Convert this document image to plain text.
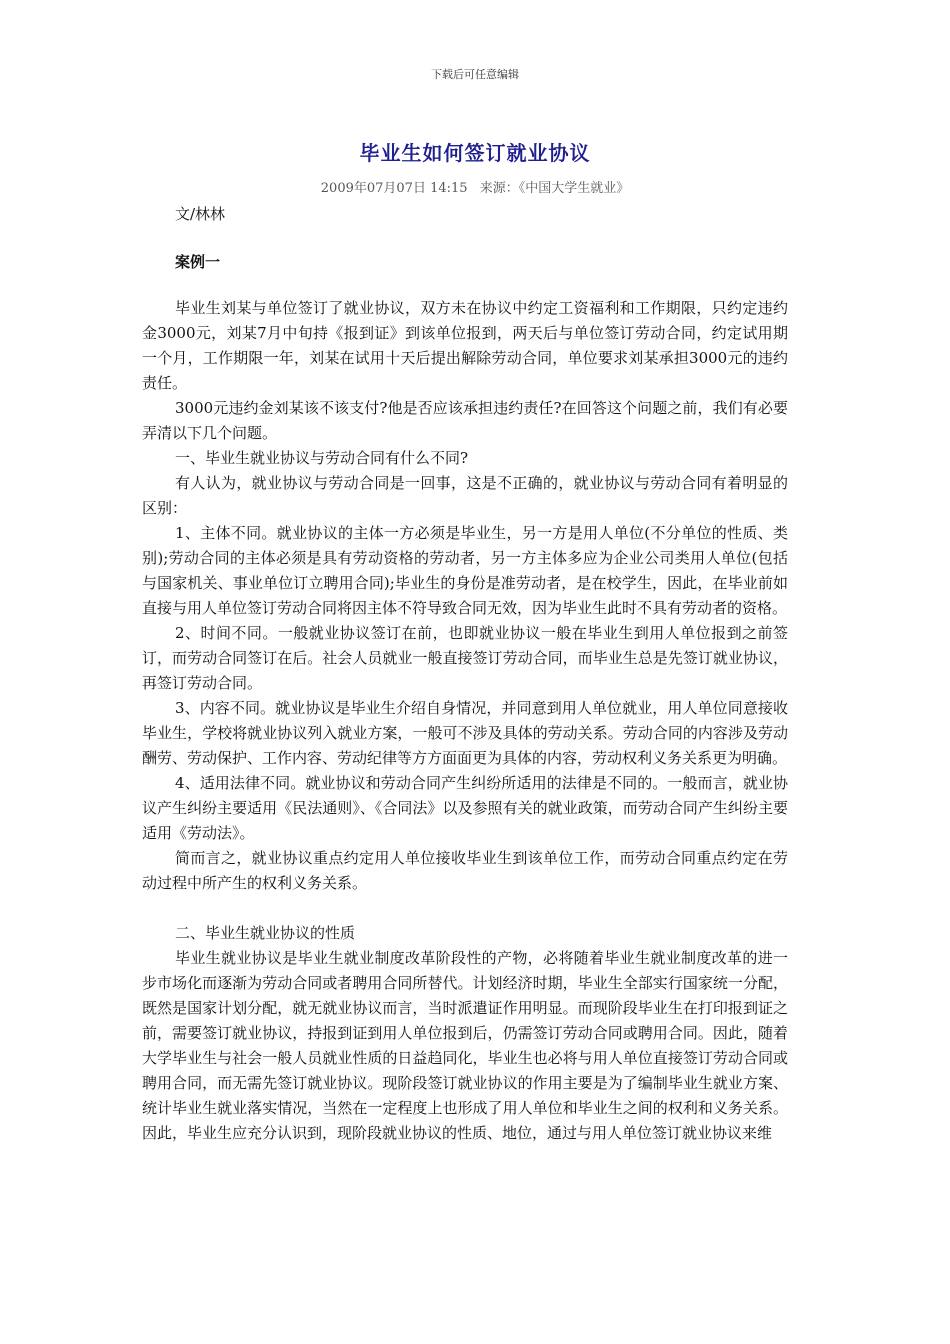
下载后可任意编辑
毕业生如何签订就业协议
2009年07月07日 14:15 来源：《中国大学生就业》
文/林林
案例一

毕业生刘某与单位签订了就业协议，双方未在协议中约定工资福利和工作期限，只约定违约金3000元，刘某7月中旬持《报到证》到该单位报到，两天后与单位签订劳动合同，约定试用期一个月，工作期限一年，刘某在试用十天后提出解除劳动合同，单位要求刘某承担3000元的违约责任。

3000元违约金刘某该不该支付?他是否应该承担违约责任?在回答这个问题之前，我们有必要弄清以下几个问题。

一、毕业生就业协议与劳动合同有什么不同?

有人认为，就业协议与劳动合同是一回事，这是不正确的，就业协议与劳动合同有着明显的区别：

1、主体不同。就业协议的主体一方必须是毕业生，另一方是用人单位(不分单位的性质、类别);劳动合同的主体必须是具有劳动资格的劳动者，另一方主体多应为企业公司类用人单位(包括与国家机关、事业单位订立聘用合同);毕业生的身份是准劳动者，是在校学生，因此，在毕业前如直接与用人单位签订劳动合同将因主体不符导致合同无效，因为毕业生此时不具有劳动者的资格。

2、时间不同。一般就业协议签订在前，也即就业协议一般在毕业生到用人单位报到之前签订，而劳动合同签订在后。社会人员就业一般直接签订劳动合同，而毕业生总是先签订就业协议，再签订劳动合同。

3、内容不同。就业协议是毕业生介绍自身情况，并同意到用人单位就业，用人单位同意接收毕业生，学校将就业协议列入就业方案，一般可不涉及具体的劳动关系。劳动合同的内容涉及劳动酬劳、劳动保护、工作内容、劳动纪律等方方面面更为具体的内容，劳动权利义务关系更为明确。

4、适用法律不同。就业协议和劳动合同产生纠纷所适用的法律是不同的。一般而言，就业协议产生纠纷主要适用《民法通则》、《合同法》以及参照有关的就业政策，而劳动合同产生纠纷主要适用《劳动法》。

简而言之，就业协议重点约定用人单位接收毕业生到该单位工作，而劳动合同重点约定在劳动过程中所产生的权利义务关系。

二、毕业生就业协议的性质

毕业生就业协议是毕业生就业制度改革阶段性的产物，必将随着毕业生就业制度改革的进一步市场化而逐渐为劳动合同或者聘用合同所替代。计划经济时期，毕业生全部实行国家统一分配，既然是国家计划分配，就无就业协议而言，当时派遣证作用明显。而现阶段毕业生在打印报到证之前，需要签订就业协议，持报到证到用人单位报到后，仍需签订劳动合同或聘用合同。因此，随着大学毕业生与社会一般人员就业性质的日益趋同化，毕业生也必将与用人单位直接签订劳动合同或聘用合同，而无需先签订就业协议。现阶段签订就业协议的作用主要是为了编制毕业生就业方案、统计毕业生就业落实情况，当然在一定程度上也形成了用人单位和毕业生之间的权利和义务关系。因此，毕业生应充分认识到，现阶段就业协议的性质、地位，通过与用人单位签订就业协议来维
